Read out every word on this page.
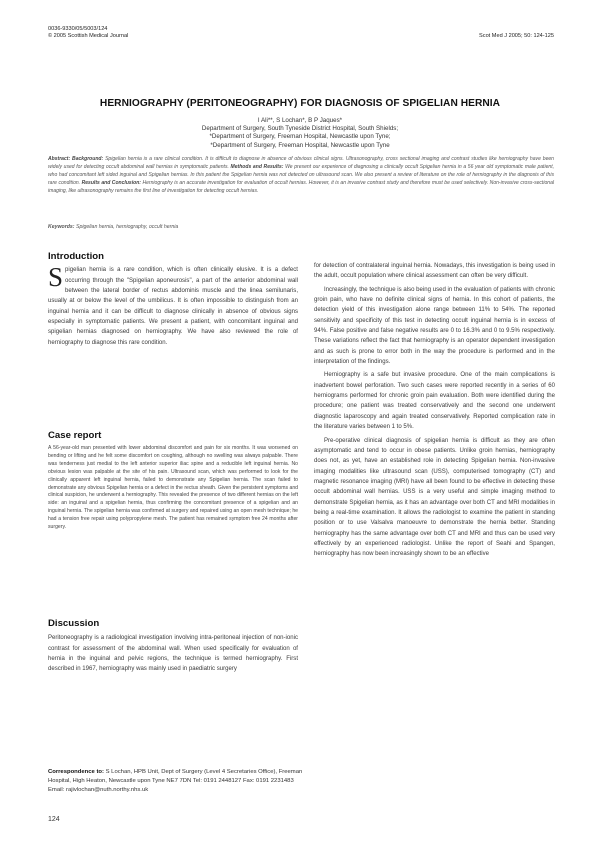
0036-9330/05/5003/124
© 2005 Scottish Medical Journal	Scot Med J 2005; 50: 124-125
HERNIOGRAPHY (PERITONEOGRAPHY) FOR DIAGNOSIS OF SPIGELIAN HERNIA
I Ali**, S Lochan*, B P Jaques*
Department of Surgery, South Tyneside District Hospital, South Shields;
*Department of Surgery, Freeman Hospital, Newcastle upon Tyne;
*Department of Surgery, Freeman Hospital, Newcastle upon Tyne
Abstract: Background: Spigelian hernia is a rare clinical condition. It is difficult to diagnose in absence of obvious clinical signs. Ultrasonography, cross sectional imaging and contrast studies like herniography have been widely used for detecting occult abdominal wall hernias in symptomatic patients. Methods and Results: We present our experience of diagnosing a clinically occult Spigelian hernia in a 56 year old symptomatic male patient, who had concomitant left sided inguinal and Spigelian hernias. In this patient the Spigelian hernia was not detected on ultrasound scan. We also present a review of literature on the role of herniography in the diagnosis of this rare condition. Results and Conclusion: Herniography is an accurate investigation for evaluation of occult hernias. However, it is an invasive contrast study and therefore must be used selectively. Non-invasive cross-sectional imaging, like ultrasonography remains the first line of investigation for detecting occult hernias.
Keywords: Spigelian hernia, herniography, occult hernia
Introduction

Spigelian hernia is a rare condition, which is often clinically elusive. It is a defect occurring through the "Spigelian aponeurosis", a part of the anterior abdominal wall between the lateral border of rectus abdominis muscle and the linea semilunaris, usually at or below the level of the umbilicus. It is often impossible to distinguish from an inguinal hernia and it can be difficult to diagnose clinically in absence of obvious signs especially in symptomatic patients. We present a patient, with concomitant inguinal and spigelian hernias diagnosed on herniography. We have also reviewed the role of herniography to diagnose this rare condition.

Case report
A 56-year-old man presented with lower abdominal discomfort and pain for six months. It was worsened on bending or lifting and he felt some discomfort on coughing, although no swelling was always palpable. There was tenderness just medial to the left anterior superior iliac spine and a reducible left inguinal hernia. No obvious lesion was palpable at the site of his pain. Ultrasound scan, which was performed to look for the clinically apparent left inguinal hernia, failed to demonstrate any Spigelian hernia. The scan failed to demonstrate any obvious Spigelian hernia or a defect in the rectus sheath. Given the persistent symptoms and clinical suspicion, he underwent a herniography. This revealed the presence of two different hernias on the left side: an inguinal and a spigelian hernia, thus confirming the concomitant presence of a spigelian and an inguinal hernia. The spigelian hernia was confirmed at surgery and repaired using an open mesh technique; he had a tension free repair using polypropylene mesh. The patient has remained symptom free 24 months after surgery.
Discussion

Peritoneography is a radiological investigation involving intra-peritoneal injection of non-ionic contrast for assessment of the abdominal wall. When used specifically for evaluation of hernia in the inguinal and pelvic regions, the technique is termed herniography. First described in 1967, herniography was mainly used in paediatric surgery

for detection of contralateral inguinal hernia. Nowadays, this investigation is being used in the adult, occult population where clinical assessment can often be very difficult.

Increasingly, the technique is also being used in the evaluation of patients with chronic groin pain, who have no definite clinical signs of hernia. In this cohort of patients, the detection yield of this investigation alone range between 11% to 54%. The reported sensitivity and specificity of this test in detecting occult inguinal hernia is in excess of 94%. False positive and false negative results are 0 to 16.3% and 0 to 9.5% respectively. These variations reflect the fact that herniography is an operator dependent investigation and as such is prone to error both in the way the procedure is performed and in the interpretation of the findings.

Herniography is a safe but invasive procedure. One of the main complications is inadvertent bowel perforation. Two such cases were reported recently in a series of 60 herniograms performed for chronic groin pain evaluation. Both were identified during the procedure; one patient was treated conservatively and the second one underwent diagnostic laparoscopy and again treated conservatively. Reported complication rate in the literature varies between 1 to 5%.

Pre-operative clinical diagnosis of spigelian hernia is difficult as they are often asymptomatic and tend to occur in obese patients. Unlike groin hernias, herniography does not, as yet, have an established role in detecting Spigelian hernia. Non-invasive imaging modalities like ultrasound scan (USS), computerised tomography (CT) and magnetic resonance imaging (MRI) have all been found to be effective in detecting these occult abdominal wall hernias. USS is a very useful and simple imaging method to demonstrate Spigelian hernia, as it has an advantage over both CT and MRI modalities in being a real-time examination. It allows the radiologist to examine the patient in standing position or to use Valsalva manoeuvre to demonstrate the hernia better. Standing herniography has the same advantage over both CT and MRI and thus can be used very effectively by an experienced radiologist. Unlike the report of Seahi and Spangen, herniography has now been increasingly shown to be an effective

Correspondence to: S Lochan, HPB Unit, Dept of Surgery (Level 4 Secretaries Office), Freeman Hospital, High Heaton, Newcastle upon Tyne NE7 7DN Tel: 0191 2448127 Fax: 0191 2231483
Email: rajivlochan@nuth.northy.nhs.uk
124
